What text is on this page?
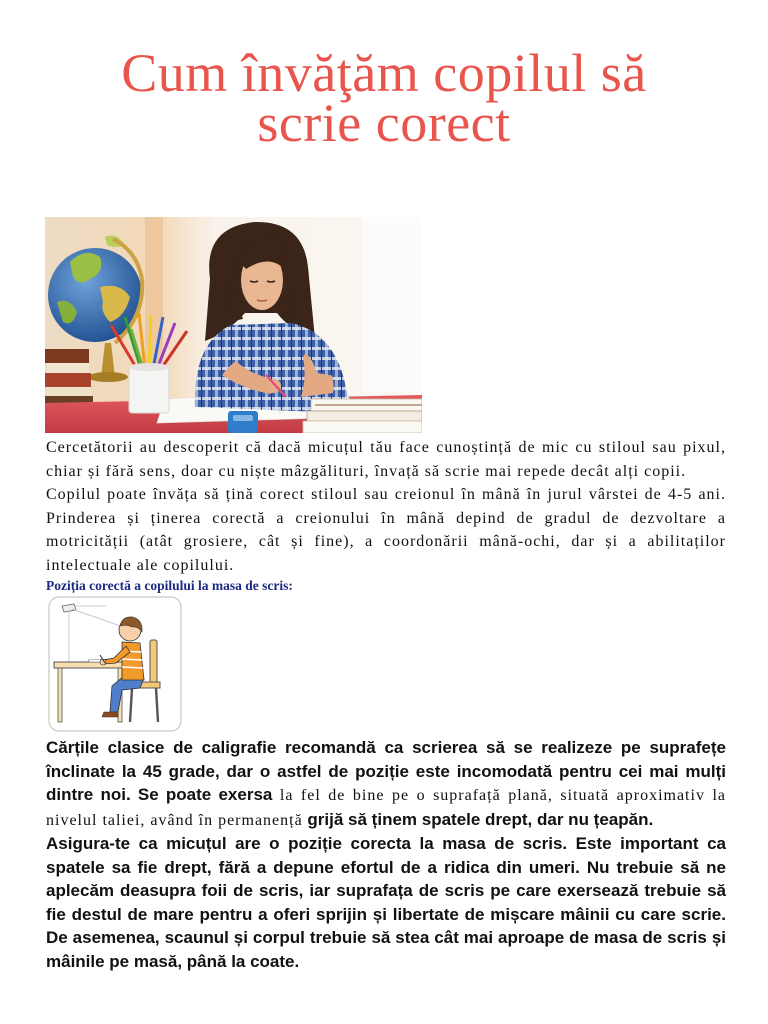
Cum învăţăm copilul să scrie corect

Cercetătorii au descoperit că dacă micuțul tău face cunoștință de mic cu stiloul sau pixul, chiar și fără sens, doar cu niște mâzgălituri, învață să scrie mai repede decât alți copii.

Copilul poate învăța să țină corect stiloul sau creionul în mână în jurul vârstei de 4-5 ani. Prinderea și ținerea corectă a creionului în mână depind de gradul de dezvoltare a motricității (atât grosiere, cât și fine), a coordonării mână-ochi, dar și a abilitaților intelectuale ale copilului.

Poziția corectă a copilului la masa de scris:

Cărțile clasice de caligrafie recomandă ca scrierea să se realizeze pe suprafețe înclinate la 45 grade, dar o astfel de poziție este incomodată pentru cei mai mulți dintre noi. Se poate exersa la fel de bine pe o suprafață plană, situată aproximativ la nivelul taliei, având în permanență grijă să ținem spatele drept, dar nu țeapăn.

Asigura-te ca micuțul are o poziție corecta la masa de scris. Este important ca spatele sa fie drept, fără a depune efortul de a ridica din umeri. Nu trebuie să ne aplecăm deasupra foii de scris, iar suprafața de scris pe care exersează trebuie să fie destul de mare pentru a oferi sprijin și libertate de mișcare mâinii cu care scrie. De asemenea, scaunul și corpul trebuie să stea cât mai aproape de masa de scris și mâinile pe masă, până la coate.
